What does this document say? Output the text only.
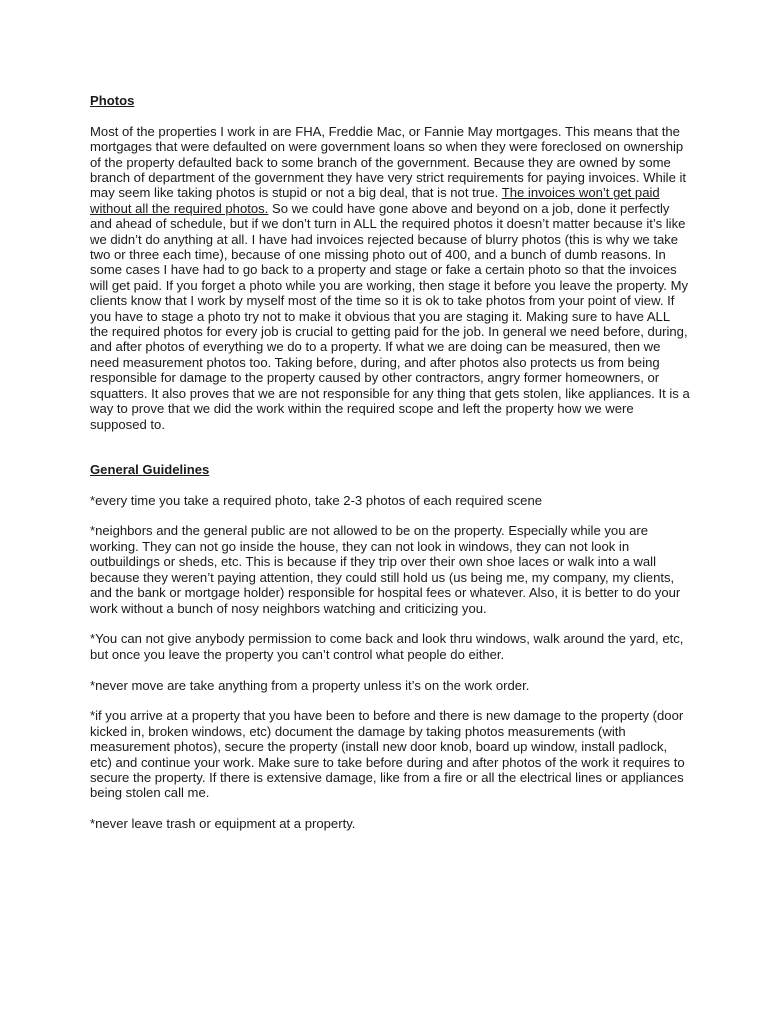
Photos

Most of the properties I work in are FHA, Freddie Mac, or Fannie May mortgages. This means that the mortgages that were defaulted on were government loans so when they were foreclosed on ownership of the property defaulted back to some branch of the government. Because they are owned by some branch of department of the government they have very strict requirements for paying invoices. While it may seem like taking photos is stupid or not a big deal, that is not true. The invoices won’t get paid without all the required photos. So we could have gone above and beyond on a job, done it perfectly and ahead of schedule, but if we don’t turn in ALL the required photos it doesn’t matter because it’s like we didn’t do anything at all. I have had invoices rejected because of blurry photos (this is why we take two or three each time), because of one missing photo out of 400, and a bunch of dumb reasons. In some cases I have had to go back to a property and stage or fake a certain photo so that the invoices will get paid. If you forget a photo while you are working, then stage it before you leave the property. My clients know that I work by myself most of the time so it is ok to take photos from your point of view. If you have to stage a photo try not to make it obvious that you are staging it. Making sure to have ALL the required photos for every job is crucial to getting paid for the job. In general we need before, during, and after photos of everything we do to a property. If what we are doing can be measured, then we need measurement photos too. Taking before, during, and after photos also protects us from being responsible for damage to the property caused by other contractors, angry former homeowners, or squatters. It also proves that we are not responsible for any thing that gets stolen, like appliances. It is a way to prove that we did the work within the required scope and left the property how we were supposed to.

General Guidelines

*every time you take a required photo, take 2-3 photos of each required scene

*neighbors and the general public are not allowed to be on the property. Especially while you are working. They can not go inside the house, they can not look in windows, they can not look in outbuildings or sheds, etc. This is because if they trip over their own shoe laces or walk into a wall because they weren’t paying attention, they could still hold us (us being me, my company, my clients, and the bank or mortgage holder) responsible for hospital fees or whatever. Also, it is better to do your work without a bunch of nosy neighbors watching and criticizing you.

*You can not give anybody permission to come back and look thru windows, walk around the yard, etc, but once you leave the property you can’t control what people do either.

*never move are take anything from a property unless it’s on the work order.

*if you arrive at a property that you have been to before and there is new damage to the property (door kicked in, broken windows, etc) document the damage by taking photos measurements (with measurement photos), secure the property (install new door knob, board up window, install padlock, etc) and continue your work. Make sure to take before during and after photos of the work it requires to secure the property. If there is extensive damage, like from a fire or all the electrical lines or appliances being stolen call me.

*never leave trash or equipment at a property.
